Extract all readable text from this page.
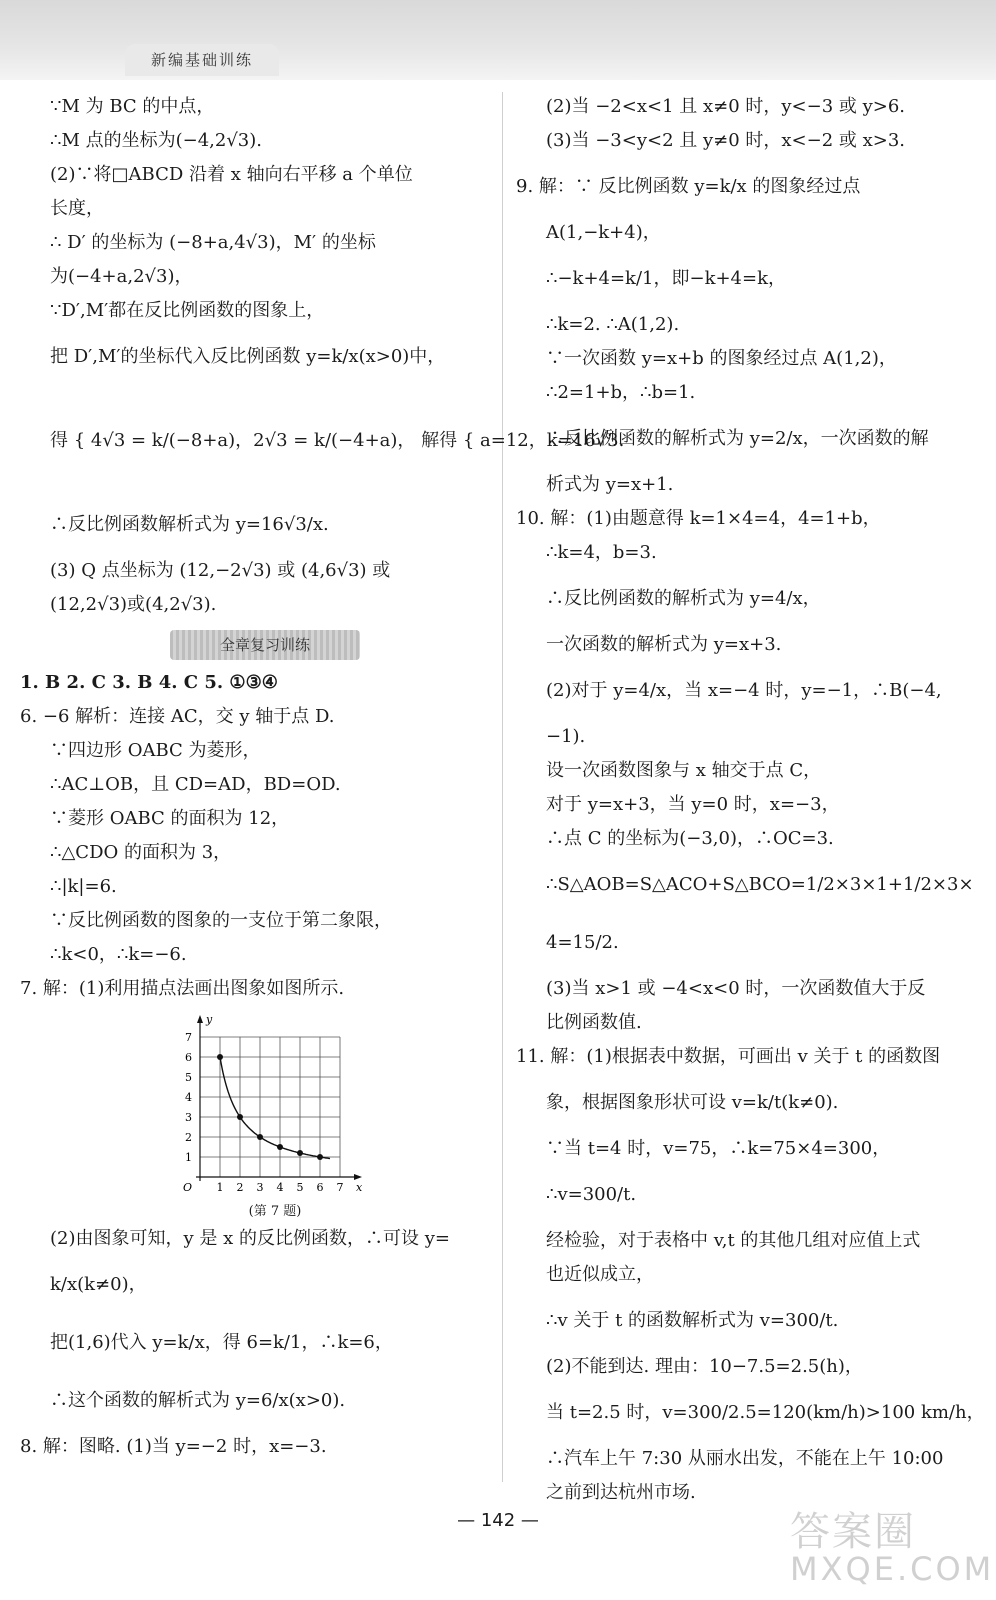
新编基础训练

∵M 为 BC 的中点，

∴M 点的坐标为(−4,2√3).

(2)∵将□ABCD 沿着 x 轴向右平移 a 个单位

长度，

∴ D′ 的坐标为 (−8+a,4√3)，M′ 的坐标

为(−4+a,2√3)，

∵D′,M′都在反比例函数的图象上，

把 D′,M′的坐标代入反比例函数 y=k/x(x>0)中，

得 { 4√3 = k/(−8+a)，2√3 = k/(−4+a)， 解得 { a=12，k=16√3.

∴反比例函数解析式为 y=16√3/x.

(3) Q 点坐标为 (12,−2√3) 或 (4,6√3) 或

(12,2√3)或(4,2√3).

全章复习训练

1. B 2. C 3. B 4. C 5. ①③④

6. −6 解析：连接 AC，交 y 轴于点 D.

∵四边形 OABC 为菱形，

∴AC⊥OB，且 CD=AD，BD=OD.

∵菱形 OABC 的面积为 12，

∴△CDO 的面积为 3，

∴|k|=6.

∵反比例函数的图象的一支位于第二象限，

∴k<0，∴k=−6.

7. 解：(1)利用描点法画出图象如图所示.

1 2 3 4 5 6 7
1
2
3
4
5
6
7
O	x
y
(第 7 题)

(2)由图象可知，y 是 x 的反比例函数，∴可设 y=

k/x(k≠0)，

把(1,6)代入 y=k/x，得 6=k/1，∴k=6，

∴这个函数的解析式为 y=6/x(x>0).

8. 解：图略. (1)当 y=−2 时，x=−3.

(2)当 −2<x<1 且 x≠0 时，y<−3 或 y>6.

(3)当 −3<y<2 且 y≠0 时，x<−2 或 x>3.

9. 解：∵ 反比例函数 y=k/x 的图象经过点

A(1,−k+4)，

∴−k+4=k/1，即−k+4=k，

∴k=2. ∴A(1,2).

∵一次函数 y=x+b 的图象经过点 A(1,2)，

∴2=1+b，∴b=1.

∴反比例函数的解析式为 y=2/x，一次函数的解

析式为 y=x+1.

10. 解：(1)由题意得 k=1×4=4，4=1+b，

∴k=4，b=3.

∴反比例函数的解析式为 y=4/x，

一次函数的解析式为 y=x+3.

(2)对于 y=4/x，当 x=−4 时，y=−1，∴B(−4,

−1).

设一次函数图象与 x 轴交于点 C，

对于 y=x+3，当 y=0 时，x=−3，

∴点 C 的坐标为(−3,0)，∴OC=3.

∴S△AOB=S△ACO+S△BCO=1/2×3×1+1/2×3×

4=15/2.

(3)当 x>1 或 −4<x<0 时，一次函数值大于反

比例函数值.

11. 解：(1)根据表中数据，可画出 v 关于 t 的函数图

象，根据图象形状可设 v=k/t(k≠0).

∵当 t=4 时，v=75，∴k=75×4=300，

∴v=300/t.

经检验，对于表格中 v,t 的其他几组对应值上式

也近似成立，

∴v 关于 t 的函数解析式为 v=300/t.

(2)不能到达. 理由：10−7.5=2.5(h)，

当 t=2.5 时，v=300/2.5=120(km/h)>100 km/h，

∴汽车上午 7:30 从丽水出发，不能在上午 10:00

之前到达杭州市场.

— 142 —	答案圈
MXQE.COM
